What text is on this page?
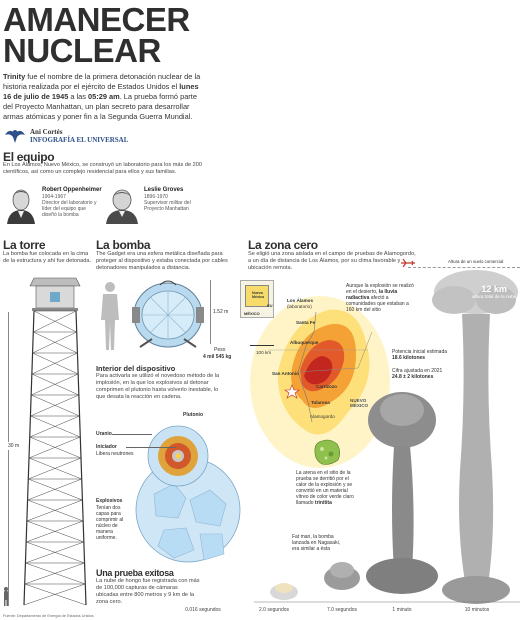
AMANECER
NUCLEAR
Trinity fue el nombre de la primera detonación nuclear de la historia realizada por el ejército de Estados Unidos el lunes 16 de julio de 1945 a las 05:29 am. La prueba formó parte del Proyecto Manhattan, un plan secreto para desarrollar armas atómicas y poner fin a la Segunda Guerra Mundial.
Ani Cortés
INFOGRAFÍA EL UNIVERSAL
El equipo
En Los Álamos, Nuevo México, se construyó un laboratorio para los más de 200 científicos, así como un complejo residencial para ellos y sus familias.
Robert Oppenheimer
1904-1967
Director del laboratorio y líder del equipo que diseñó la bomba
Leslie Groves
1896-1970
Supervisor militar del Proyecto Manhattan
La torre
La bomba fue colocada en la cima de la estructura y ahí fue detonada.
30 m
La bomba
The Gadget era una esfera metálica diseñada para proteger al dispositivo y estaba conectada por cables detonadores manipulados a distancia.
1.52 m
Peso
4 mil 545 kg
Interior del dispositivo
Para activarla se utilizó el novedoso método de la implosión, en la que los explosivos al detonar comprimen el plutonio hasta volverlo inestable, lo que desata la reacción en cadena.
Plutonio
Uranio
Iniciador
Libera neutrones
Explosivos
Tenían dos capas para comprimir al núcleo de manera uniforme.
Una prueba exitosa
La nube de hongo fue registrada con más de 100,000 capturas de cámaras ubicadas entre 800 metros y 9 km de la zona cero.
La zona cero
Se eligió una zona aislada en el campo de pruebas de Alamogordo, a un día de distancia de Los Álamos, por su clima favorable y ubicación remota.
Altura de un vuelo comercial
Nuevo México
EU
MÉXICO
100 km
Los Álamos
(laboratorio)
Santa Fe
Albuquerque
San Antonio
Carrizozo
Tularosa
Alamogordo
NUEVO MÉXICO
Aunque la explosión se realizó en el desierto, la lluvia radiactiva afectó a comunidades que estaban a 160 km del sitio
La arena en el sitio de la prueba se derritió por el calor de la explosión y se convirtió en un material vítreo de color verde claro llamado trinitita
Fat man, la bomba lanzada en Nagasaki, era similar a ésta
12 km
altura total de la nube
Potencia inicial estimada
18.6 kilotones
Cifra ajustada en 2021
24.8 ± 2 kilotones
0.016 segundos	2.0 segundos	7.0 segundos	1 minuto	10 minutos
Fuente: Departamento de Energía de Estados Unidos
